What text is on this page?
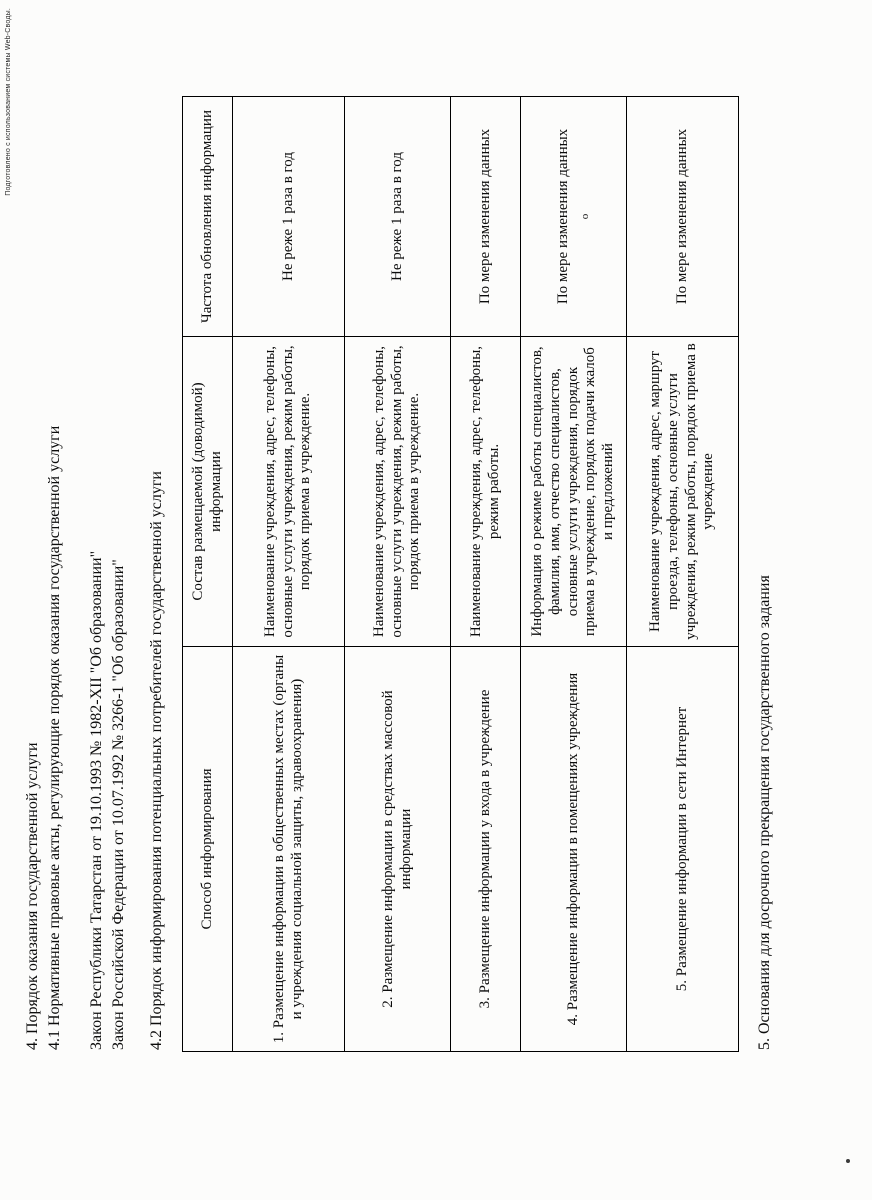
Подготовлено с использованием системы Web-Своды.
4. Порядок оказания государственной услуги 4.1 Нормативные правовые акты, регулирующие порядок оказания государственной услуги Закон Республики Татарстан от 19.10.1993 № 1982-XII "Об образовании" Закон Российской Федерации от 10.07.1992 № 3266-1 "Об образовании" 4.2 Порядок информирования потенциальных потребителей государственной услуги Способ информирования	Состав размещаемой (доводимой) информации	Частота обновления информации
1. Размещение информации в общественных местах (органы и учреждения социальной защиты, здравоохранения)	Наименование учреждения, адрес, телефоны, основные услуги учреждения, режим работы, порядок приема в учреждение.	Не реже 1 раза в год
2. Размещение информации в средствах массовой информации	Наименование учреждения, адрес, телефоны, основные услуги учреждения, режим работы, порядок приема в учреждение.	Не реже 1 раза в год
3. Размещение информации у входа в учреждение	Наименование учреждения, адрес, телефоны, режим работы.	По мере изменения данных
4. Размещение информации в помещениях учреждения	Информация о режиме работы специалистов, фамилия, имя, отчество специалистов, основные услуги учреждения, порядок приема в учреждение, порядок подачи жалоб и предложений	По мере изменения данных о

5. Размещение информации в сети Интернет	Наименование учреждения, адрес, маршрут проезда, телефоны, основные услуги учреждения, режим работы, порядок приема в учреждение	По мере изменения данных
5. Основания для досрочного прекращения государственного задания
